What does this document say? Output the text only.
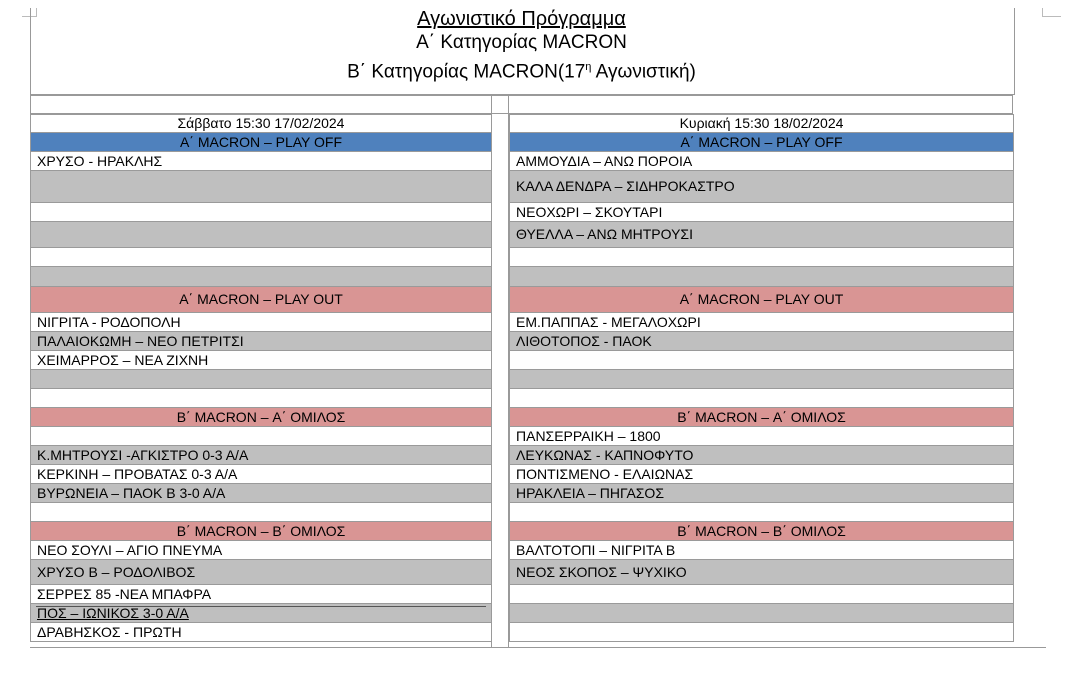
Αγωνιστικό Πρόγραμμα
Α΄ Κατηγορίας MACRON
Β΄ Κατηγορίας $MACRON(17^\eta$ Αγωνιστική)
Σάββατο 15:30 17/02/2024
Α΄ MACRON – PLAY OFF
ΧΡΥΣΟ - ΗΡΑΚΛΗΣ
Α΄ MACRON – PLAY OUT
ΝΙΓΡΙΤΑ - ΡΟΔΟΠΟΛΗ
ΠΑΛΑΙΟΚΩΜΗ – ΝΕΟ ΠΕΤΡΙΤΣΙ
ΧΕΙΜΑΡΡΟΣ – ΝΕΑ ΖΙΧΝΗ
Β΄ MACRON – Α΄ ΟΜΙΛΟΣ
Κ.ΜΗΤΡΟΥΣΙ -ΑΓΚΙΣΤΡΟ 0-3 Α/Α
ΚΕΡΚΙΝΗ – ΠΡΟΒΑΤΑΣ 0-3 Α/Α
ΒΥΡΩΝΕΙΑ – ΠΑΟΚ Β 3-0 Α/Α
Β΄ MACRON – Β΄ ΟΜΙΛΟΣ
ΝΕΟ ΣΟΥΛΙ – ΑΓΙΟ ΠΝΕΥΜΑ
ΧΡΥΣΟ Β – ΡΟΔΟΛΙΒΟΣ
ΣΕΡΡΕΣ 85 -ΝΕΑ ΜΠΑΦΡΑ
ΠΟΣ – ΙΩΝΙΚΟΣ 3-0 Α/Α
ΔΡΑΒΗΣΚΟΣ - ΠΡΩΤΗ
Κυριακή 15:30 18/02/2024
Α΄ MACRON – PLAY OFF
ΑΜΜΟΥΔΙΑ – ΑΝΩ ΠΟΡΟΙΑ
ΚΑΛΑ ΔΕΝΔΡΑ – ΣΙΔΗΡΟΚΑΣΤΡΟ
ΝΕΟΧΩΡΙ – ΣΚΟΥΤΑΡΙ
ΘΥΕΛΛΑ – ΑΝΩ ΜΗΤΡΟΥΣΙ
Α΄ MACRON – PLAY OUT
ΕΜ.ΠΑΠΠΑΣ - ΜΕΓΑΛΟΧΩΡΙ
ΛΙΘΟΤΟΠΟΣ - ΠΑΟΚ
Β΄ MACRON – Α΄ ΟΜΙΛΟΣ
ΠΑΝΣΕΡΡΑΙΚΗ – 1800
ΛΕΥΚΩΝΑΣ - ΚΑΠΝΟΦΥΤΟ
ΠΟΝΤΙΣΜΕΝΟ - ΕΛΑΙΩΝΑΣ
ΗΡΑΚΛΕΙΑ – ΠΗΓΑΣΟΣ
Β΄ MACRON – Β΄ ΟΜΙΛΟΣ
ΒΑΛΤΟΤΟΠΙ – ΝΙΓΡΙΤΑ Β
ΝΕΟΣ ΣΚΟΠΟΣ – ΨΥΧΙΚΟ
